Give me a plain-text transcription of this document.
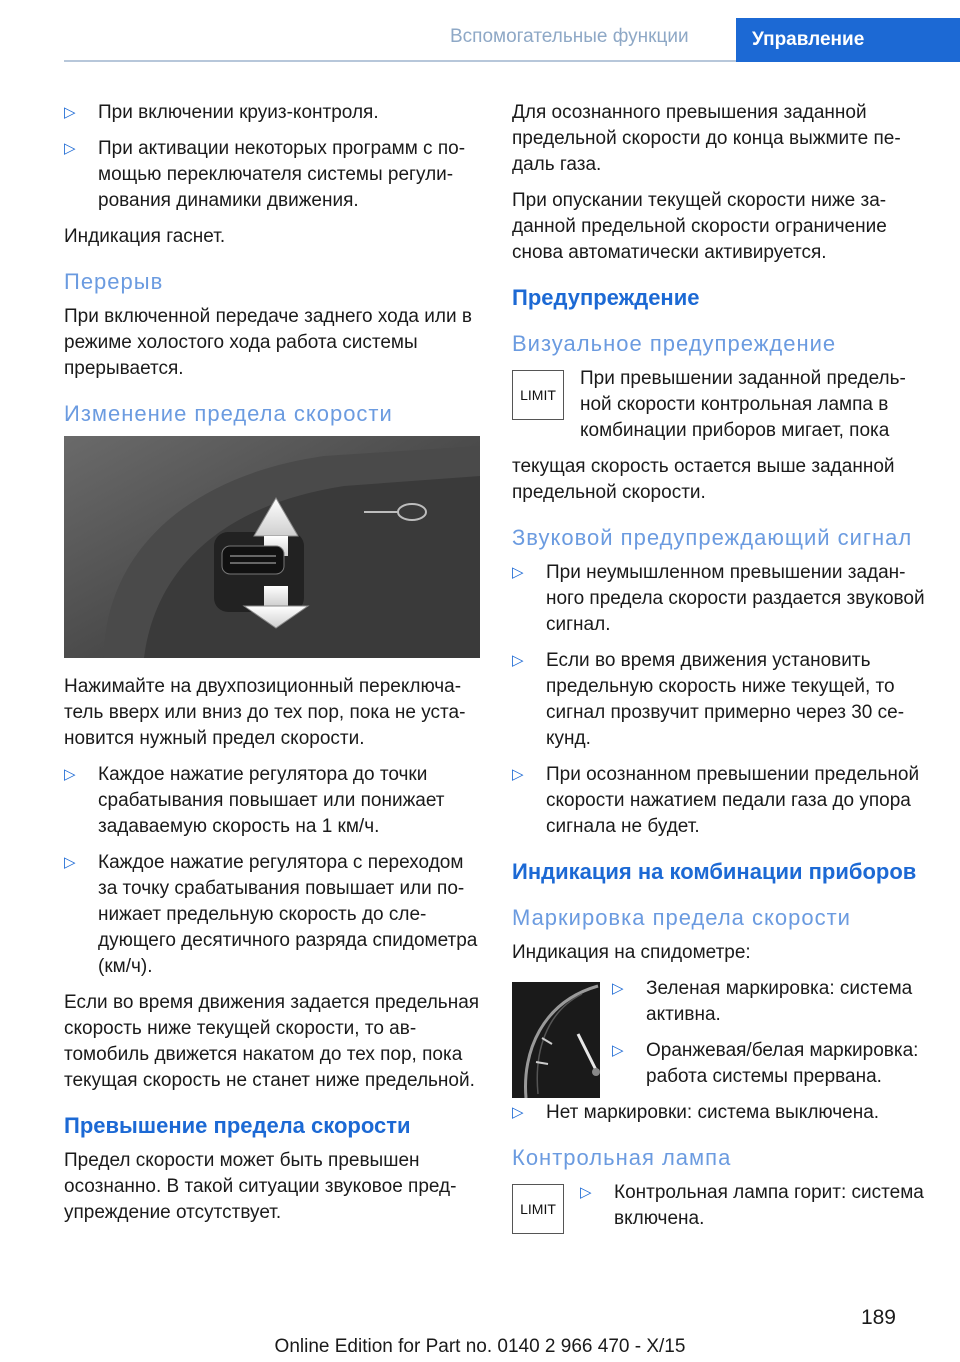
Вспомогательные функции	Управление
▷ При включении круиз-контроля.
▷ При активации некоторых программ с помощью переключателя системы регулирования динамики движения.

Индикация гаснет.

Перерыв

При включенной передаче заднего хода или в режиме холостого хода работа системы прерывается.

Изменение предела скорости

Нажимайте на двухпозиционный переключатель вверх или вниз до тех пор, пока не установится нужный предел скорости.

▷ Каждое нажатие регулятора до точки срабатывания повышает или понижает задаваемую скорость на 1 км/ч.
▷ Каждое нажатие регулятора с переходом за точку срабатывания повышает или понижает предельную скорость до следующего десятичного разряда спидометра (км/ч).

Если во время движения задается предельная скорость ниже текущей скорости, то автомобиль движется накатом до тех пор, пока текущая скорость не станет ниже предельной.

Превышение предела скорости

Предел скорости может быть превышен осознанно. В такой ситуации звуковое предупреждение отсутствует.

Для осознанного превышения заданной предельной скорости до конца выжмите педаль газа.

При опускании текущей скорости ниже заданной предельной скорости ограничение снова автоматически активируется.

Предупреждение
Визуальное предупреждение
LIMIT

При превышении заданной предельной скорости контрольная лампа в комбинации приборов мигает, пока

текущая скорость остается выше заданной предельной скорости.

Звуковой предупреждающий сигнал
▷ При неумышленном превышении заданного предела скорости раздается звуковой сигнал.
▷ Если во время движения установить предельную скорость ниже текущей, то сигнал прозвучит примерно через 30 секунд.
▷ При осознанном превышении предельной скорости нажатием педали газа до упора сигнала не будет.
Индикация на комбинации приборов
Маркировка предела скорости

Индикация на спидометре:

▷ Зеленая маркировка: система активна.
▷ Оранжевая/белая маркировка: работа системы прервана.
▷ Нет маркировки: система выключена.
Контрольная лампа
LIMIT
▷ Контрольная лампа горит: система включена.
189
Online Edition for Part no. 0140 2 966 470 - X/15
